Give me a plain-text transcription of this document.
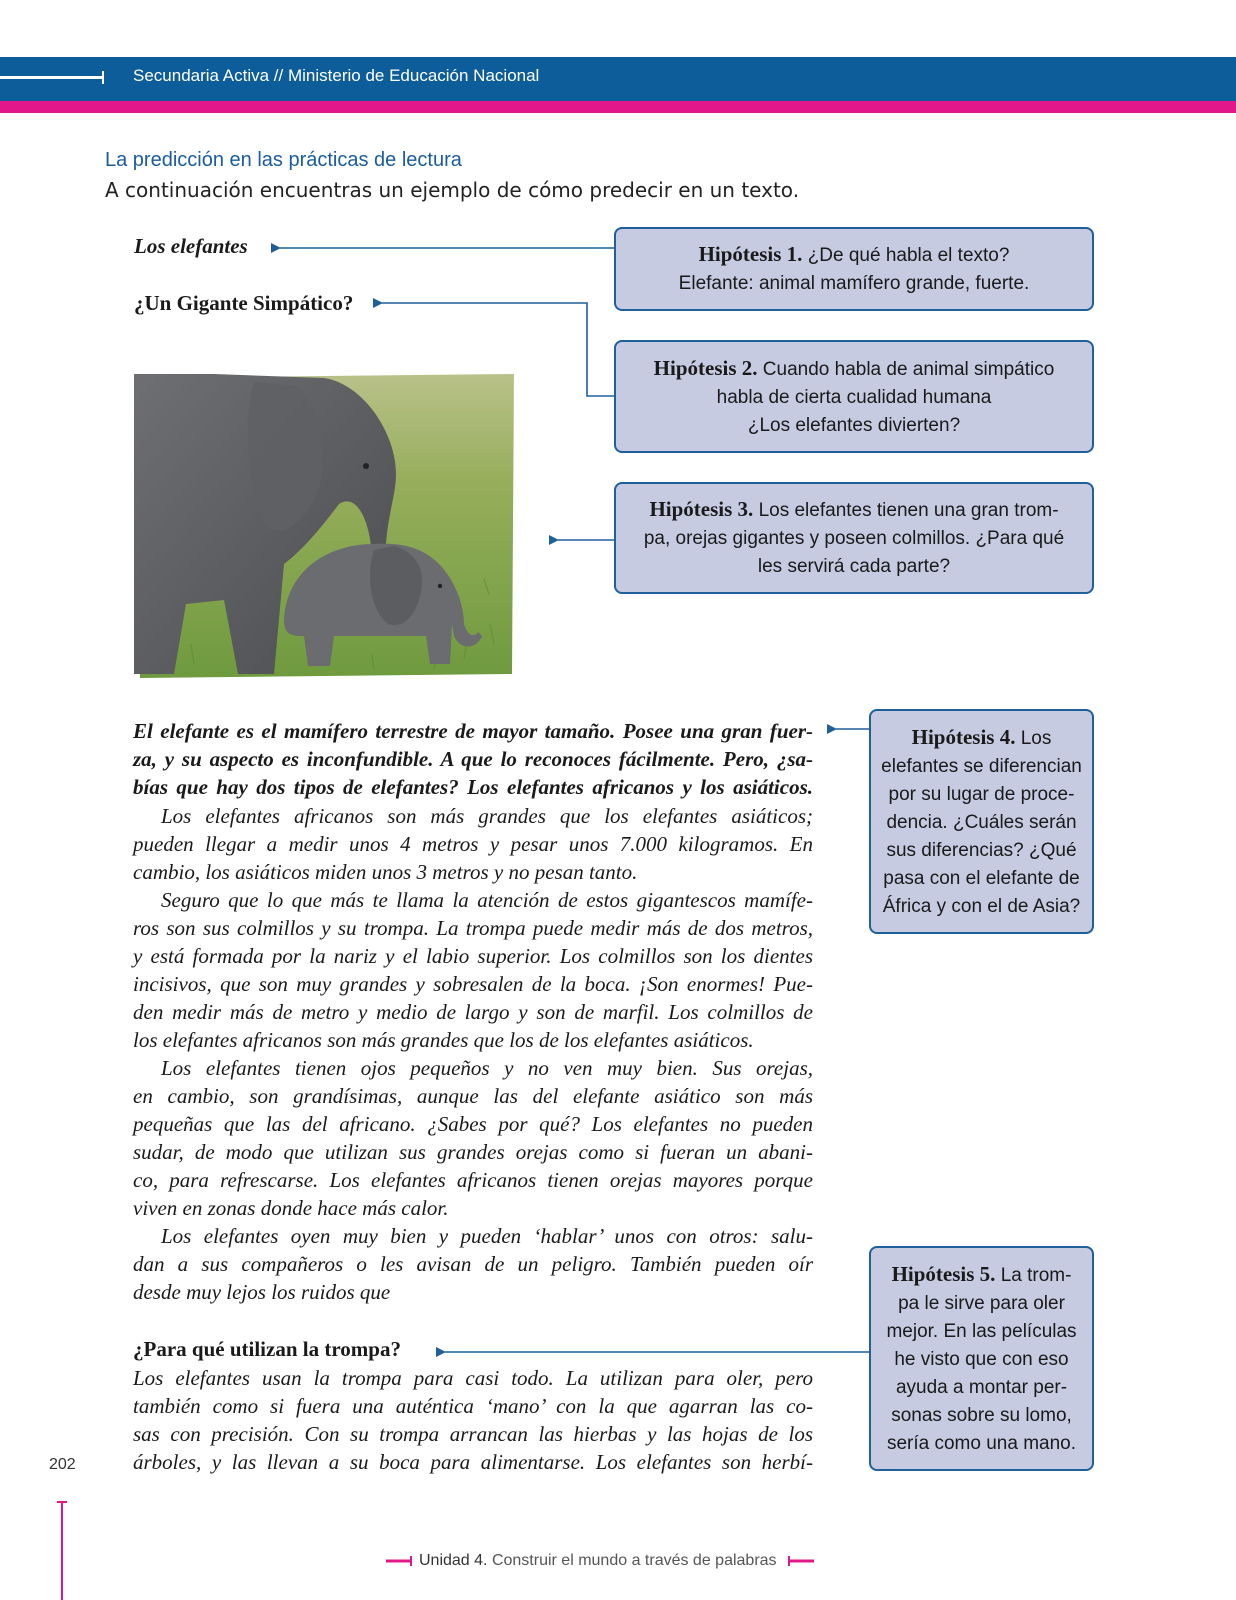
Secundaria Activa // Ministerio de Educación Nacional
La predicción en las prácticas de lectura
A continuación encuentras un ejemplo de cómo predecir en un texto.
Los elefantes
¿Un Gigante Simpático?
Hipótesis 1. ¿De qué habla el texto?
Elefante: animal mamífero grande, fuerte.
Hipótesis 2. Cuando habla de animal simpático
habla de cierta cualidad humana
¿Los elefantes divierten?
Hipótesis 3. Los elefantes tienen una gran trom-
pa, orejas gigantes y poseen colmillos. ¿Para qué
les servirá cada parte?
Hipótesis 4. Los
elefantes se diferencian
por su lugar de proce-
dencia. ¿Cuáles serán
sus diferencias? ¿Qué
pasa con el elefante de
África y con el de Asia?
Hipótesis 5. La trom-
pa le sirve para oler
mejor. En las películas
he visto que con eso
ayuda a montar per-
sonas sobre su lomo,
sería como una mano.
El elefante es el mamífero terrestre de mayor tamaño. Posee una gran fuer-
za, y su aspecto es inconfundible. A que lo reconoces fácilmente. Pero, ¿sa-
bías que hay dos tipos de elefantes? Los elefantes africanos y los asiáticos.
Los elefantes africanos son más grandes que los elefantes asiáticos;
pueden llegar a medir unos 4 metros y pesar unos 7.000 kilogramos. En
cambio, los asiáticos miden unos 3 metros y no pesan tanto.
Seguro que lo que más te llama la atención de estos gigantescos mamífe-
ros son sus colmillos y su trompa. La trompa puede medir más de dos metros,
y está formada por la nariz y el labio superior. Los colmillos son los dientes
incisivos, que son muy grandes y sobresalen de la boca. ¡Son enormes! Pue-
den medir más de metro y medio de largo y son de marfil. Los colmillos de
los elefantes africanos son más grandes que los de los elefantes asiáticos.
Los elefantes tienen ojos pequeños y no ven muy bien. Sus orejas,
en cambio, son grandísimas, aunque las del elefante asiático son más
pequeñas que las del africano. ¿Sabes por qué? Los elefantes no pueden
sudar, de modo que utilizan sus grandes orejas como si fueran un abani-
co, para refrescarse. Los elefantes africanos tienen orejas mayores porque
viven en zonas donde hace más calor.
Los elefantes oyen muy bien y pueden ‘hablar’ unos con otros: salu-
dan a sus compañeros o les avisan de un peligro. También pueden oír
desde muy lejos los ruidos que
¿Para qué utilizan la trompa?
Los elefantes usan la trompa para casi todo. La utilizan para oler, pero
también como si fuera una auténtica ‘mano’ con la que agarran las co-
sas con precisión. Con su trompa arrancan las hierbas y las hojas de los
árboles, y las llevan a su boca para alimentarse. Los elefantes son herbí-
202
Unidad 4. Construir el mundo a través de palabras
